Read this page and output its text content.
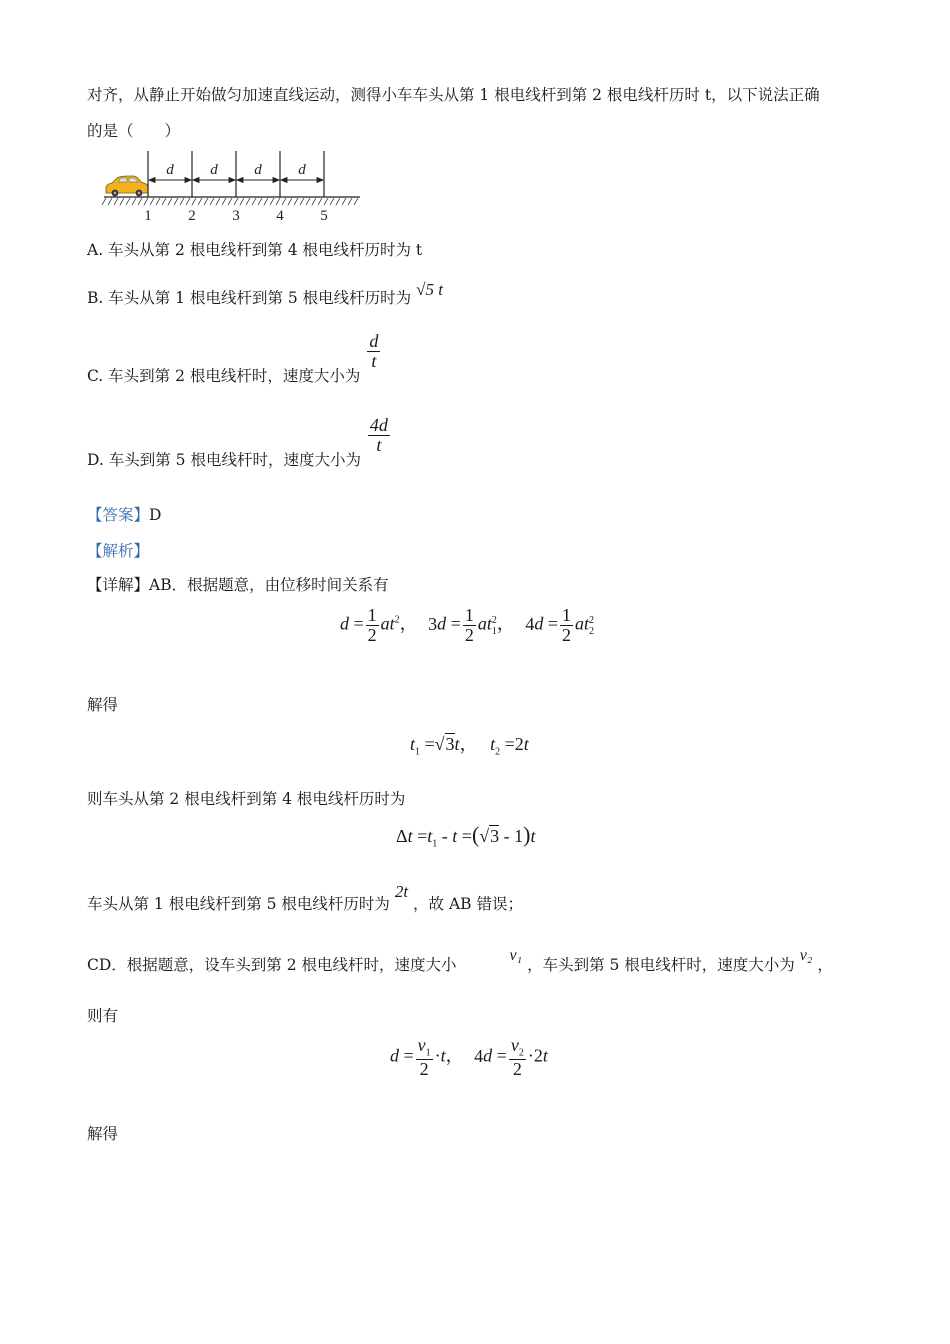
对齐，从静止开始做匀加速直线运动，测得小车车头从第 1 根电线杆到第 2 根电线杆历时 t，以下说法正确
的是（　　）
d d d d
1 2 3 4 5
A. 车头从第 2 根电线杆到第 4 根电线杆历时为 t
B. 车头从第 1 根电线杆到第 5 根电线杆历时为 √5 t
C. 车头到第 2 根电线杆时，速度大小为
$\frac{d}{t}$
D. 车头到第 5 根电线杆时，速度大小为
$\frac{4d}{t}$
【答案】D
【解析】
【详解】AB．根据题意，由位移时间关系有
$d = \frac{1}{2} at^2$， $3d = \frac{1}{2} at_1^2$， $4d = \frac{1}{2} at_2^2$
解得
$t_1 =√3t$， $t_2 =2t$
则车头从第 2 根电线杆到第 4 根电线杆历时为
$\Delta t =t_1 - t =(√3 - 1)t$
车头从第 1 根电线杆到第 5 根电线杆历时为 2t ，故 AB 错误；
CD．根据题意，设车头到第 2 根电线杆时，速度大小 v₁ ，车头到第 5 根电线杆时，速度大小为 v₂ ，
则有
$d = \frac{v_1}{2} \cdot t$， $4d = \frac{v_2}{2} \cdot 2t$
解得
